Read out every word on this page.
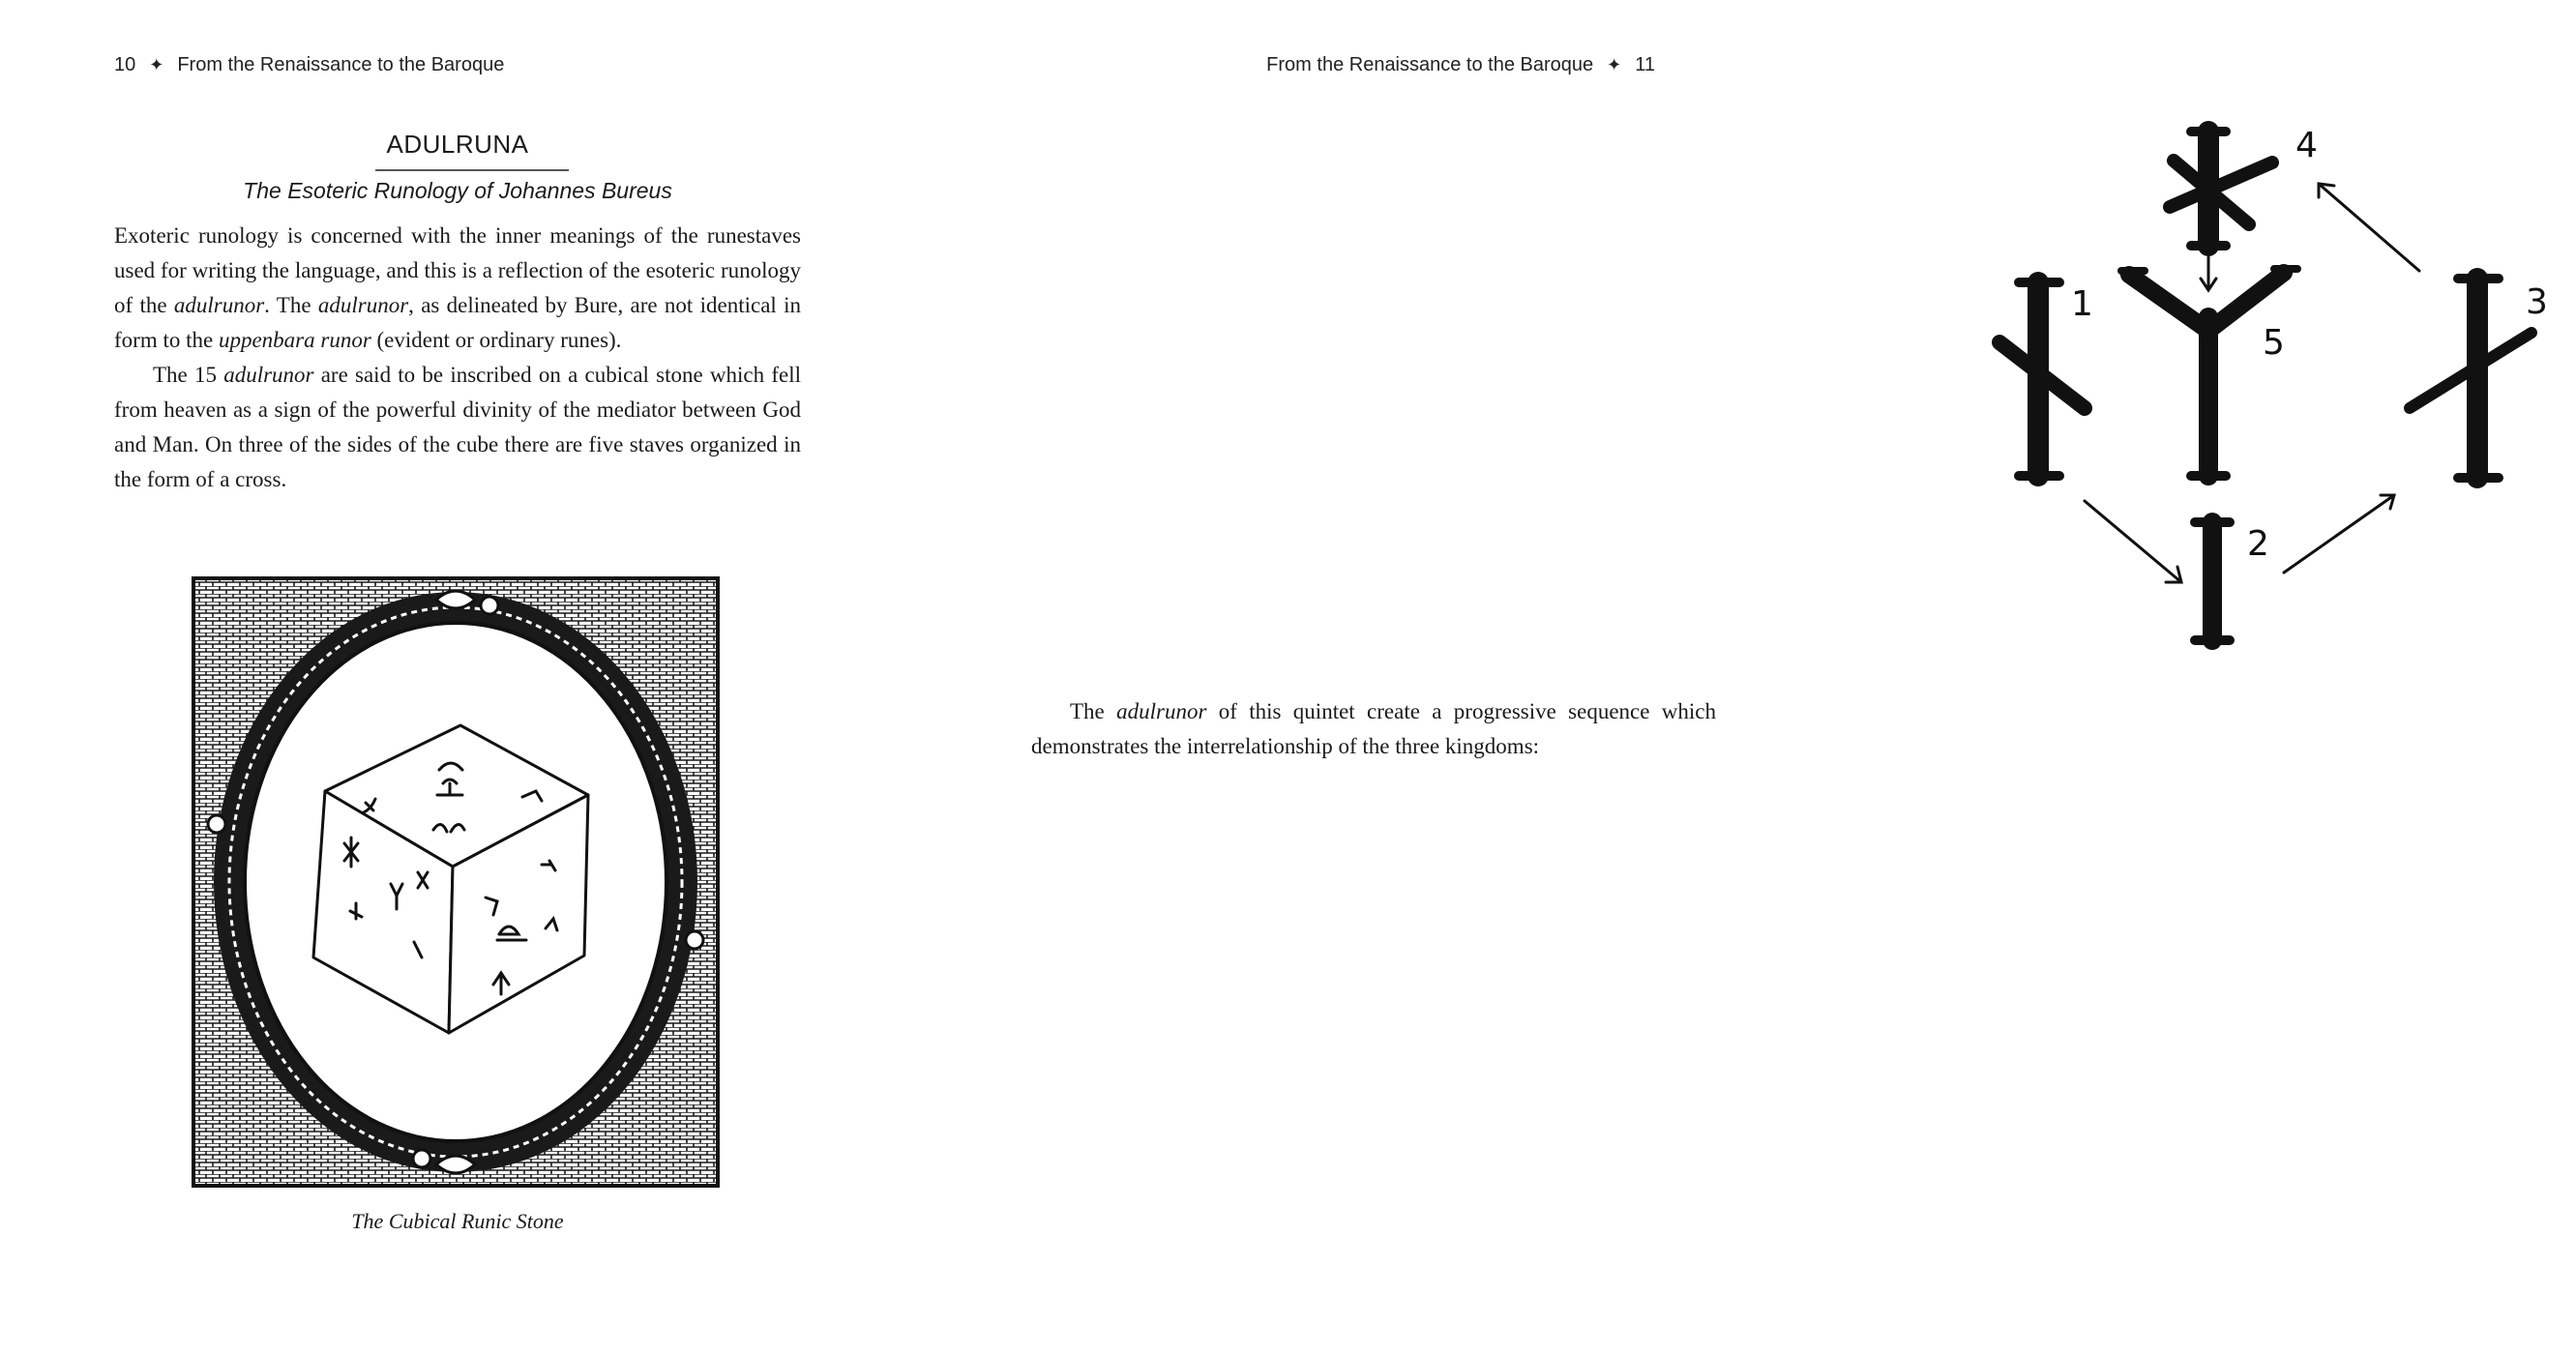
10 ✦ From the Renaissance to the Baroque
ADULRUNA
The Esoteric Runology of Johannes Bureus

Exoteric runology is concerned with the inner meanings of the runestaves used for writing the language, and this is a reflection of the esoteric runology of the adulrunor. The adulrunor, as delineated by Bure, are not identical in form to the uppenbara runor (evident or ordinary runes).

The 15 adulrunor are said to be inscribed on a cubical stone which fell from heaven as a sign of the powerful divinity of the mediator between God and Man. On three of the sides of the cube there are five staves organized in the form of a cross.

The Cubical Runic Stone
From the Renaissance to the Baroque ✦ 11
1
2
3
4
5

The adulrunor of this quintet create a progressive sequence which demonstrates the interrelationship of the three kingdoms:
